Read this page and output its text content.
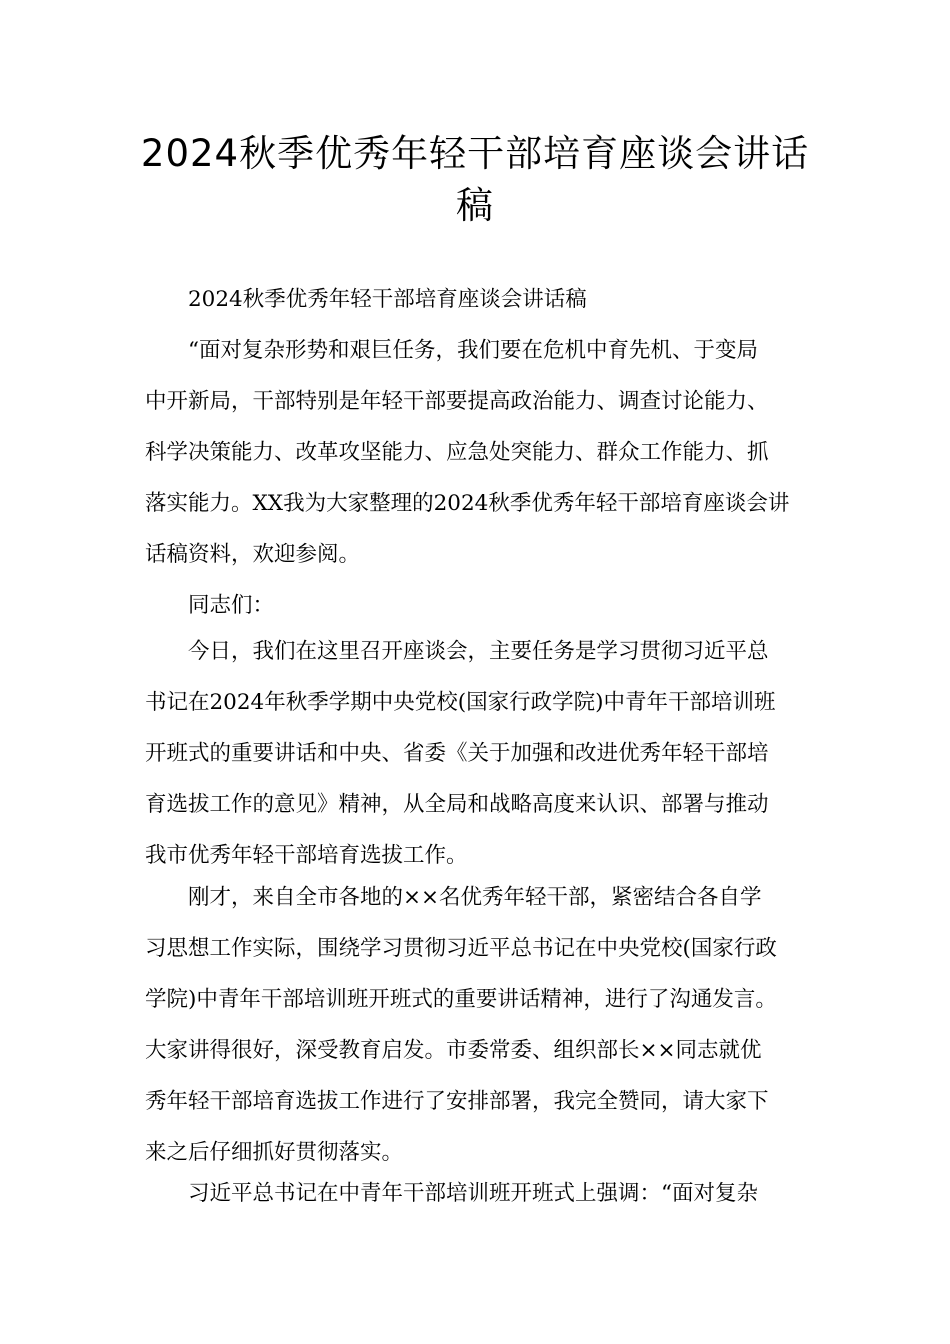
2024秋季优秀年轻干部培育座谈会讲话
稿

2024秋季优秀年轻干部培育座谈会讲话稿

“面对复杂形势和艰巨任务，我们要在危机中育先机、于变局
中开新局，干部特别是年轻干部要提高政治能力、调查讨论能力、
科学决策能力、改革攻坚能力、应急处突能力、群众工作能力、抓
落实能力。XX我为大家整理的2024秋季优秀年轻干部培育座谈会讲
话稿资料，欢迎参阅。

同志们：

今日，我们在这里召开座谈会，主要任务是学习贯彻习近平总
书记在2024年秋季学期中央党校(国家行政学院)中青年干部培训班
开班式的重要讲话和中央、省委《关于加强和改进优秀年轻干部培
育选拔工作的意见》精神，从全局和战略高度来认识、部署与推动
我市优秀年轻干部培育选拔工作。

刚才，来自全市各地的××名优秀年轻干部，紧密结合各自学
习思想工作实际，围绕学习贯彻习近平总书记在中央党校(国家行政
学院)中青年干部培训班开班式的重要讲话精神，进行了沟通发言。
大家讲得很好，深受教育启发。市委常委、组织部长××同志就优
秀年轻干部培育选拔工作进行了安排部署，我完全赞同，请大家下
来之后仔细抓好贯彻落实。

习近平总书记在中青年干部培训班开班式上强调：“面对复杂
